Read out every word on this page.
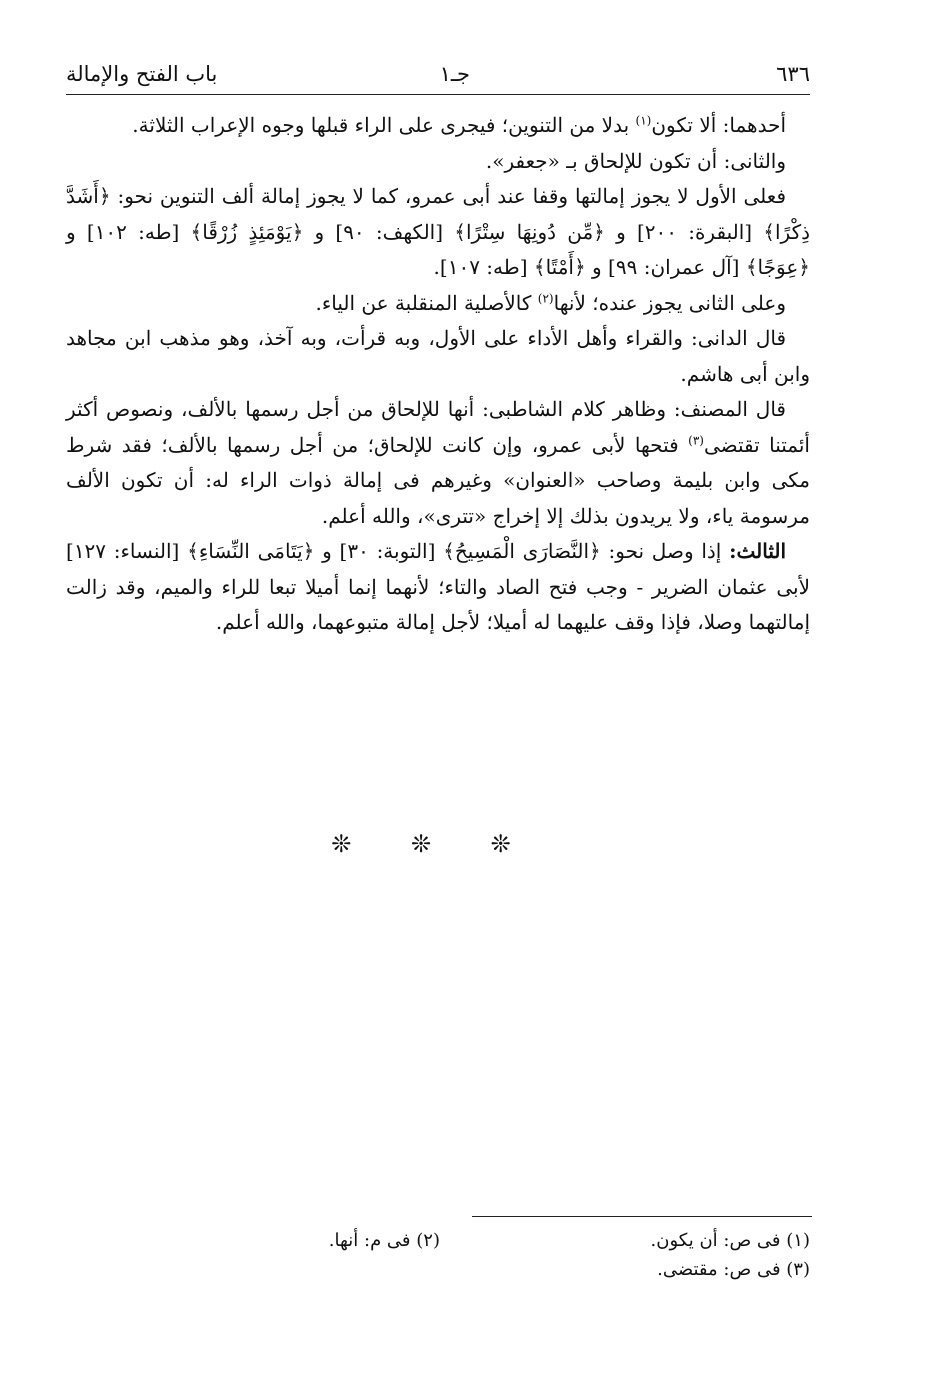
٦٣٦
جـ١
باب الفتح والإمالة

أحدهما: ألا تكون$^{(١)}$ بدلا من التنوين؛ فيجرى على الراء قبلها وجوه الإعراب الثلاثة.

والثانى: أن تكون للإلحاق بـ «جعفر».

فعلى الأول لا يجوز إمالتها وقفا عند أبى عمرو، كما لا يجوز إمالة ألف التنوين نحو: ﴿أَشَدَّ ذِكْرًا﴾ [البقرة: ٢٠٠] و ﴿مِّن دُونِهَا سِتْرًا﴾ [الكهف: ٩٠] و ﴿يَوْمَئِذٍ زُرْقًا﴾ [طه: ١٠٢] و ﴿عِوَجًا﴾ [آل عمران: ٩٩] و ﴿أَمْتًا﴾ [طه: ١٠٧].

وعلى الثانى يجوز عنده؛ لأنها$^{(٢)}$ كالأصلية المنقلبة عن الياء.

قال الدانى: والقراء وأهل الأداء على الأول، وبه قرأت، وبه آخذ، وهو مذهب ابن مجاهد وابن أبى هاشم.

قال المصنف: وظاهر كلام الشاطبى: أنها للإلحاق من أجل رسمها بالألف، ونصوص أكثر أئمتنا تقتضى$^{(٣)}$ فتحها لأبى عمرو، وإن كانت للإلحاق؛ من أجل رسمها بالألف؛ فقد شرط مكى وابن بليمة وصاحب «العنوان» وغيرهم فى إمالة ذوات الراء له: أن تكون الألف مرسومة ياء، ولا يريدون بذلك إلا إخراج «تترى»، والله أعلم.

الثالث: إذا وصل نحو: ﴿النَّصَارَى الْمَسِيحُ﴾ [التوبة: ٣٠] و ﴿يَتَامَى النِّسَاءِ﴾ [النساء: ١٢٧] لأبى عثمان الضرير - وجب فتح الصاد والتاء؛ لأنهما إنما أميلا تبعا للراء والميم، وقد زالت إمالتهما وصلا، فإذا وقف عليهما له أميلا؛ لأجل إمالة متبوعهما، والله أعلم.

❊ ❊ ❊
(١) فى ص: أن يكون.
(٢) فى م: أنها.
(٣) فى ص: مقتضى.
